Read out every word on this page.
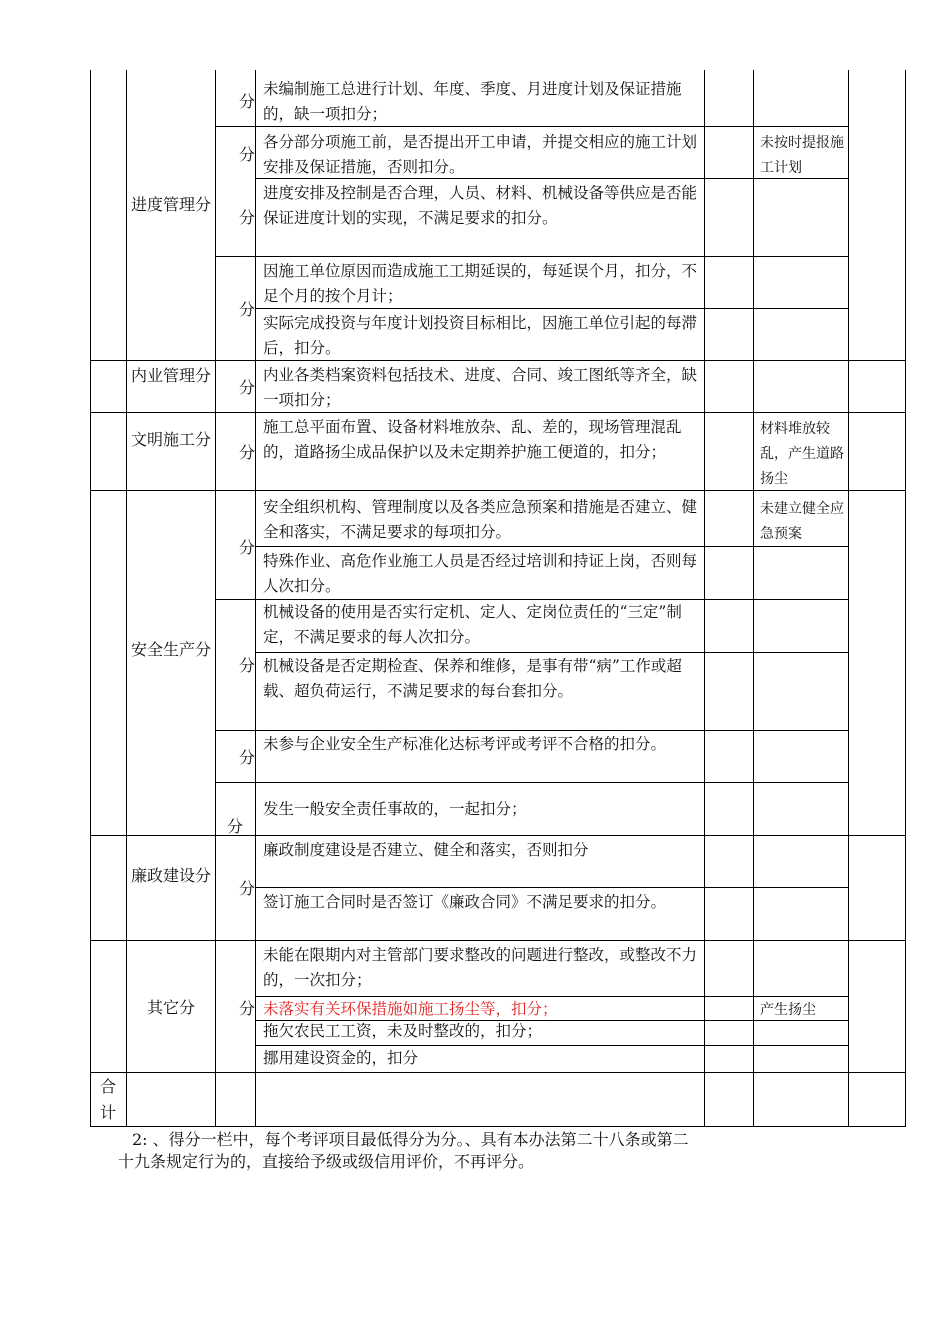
进度管理分
分
分
分
分

未编制施工总进行计划、年度、季度、月进度计划及保证措施的，缺一项扣分；

各分部分项施工前，是否提出开工申请，并提交相应的施工计划安排及保证措施，否则扣分。

进度安排及控制是否合理，人员、材料、机械设备等供应是否能保证进度计划的实现，不满足要求的扣分。

因施工单位原因而造成施工工期延误的，每延误个月，扣分，不足个月的按个月计；

实际完成投资与年度计划投资目标相比，因施工单位引起的每滞后，扣分。

未按时提报施工计划
内业管理分
分

内业各类档案资料包括技术、进度、合同、竣工图纸等齐全，缺一项扣分；

文明施工分
分

施工总平面布置、设备材料堆放杂、乱、差的，现场管理混乱的，道路扬尘成品保护以及未定期养护施工便道的，扣分；

材料堆放较乱，产生道路扬尘
安全生产分
分
分
分
分

安全组织机构、管理制度以及各类应急预案和措施是否建立、健全和落实，不满足要求的每项扣分。

特殊作业、高危作业施工人员是否经过培训和持证上岗，否则每人次扣分。

机械设备的使用是否实行定机、定人、定岗位责任的“三定”制定，不满足要求的每人次扣分。

机械设备是否定期检查、保养和维修，是事有带“病”工作或超载、超负荷运行，不满足要求的每台套扣分。

未参与企业安全生产标准化达标考评或考评不合格的扣分。

发生一般安全责任事故的，一起扣分；

未建立健全应急预案
廉政建设分
分

廉政制度建设是否建立、健全和落实，否则扣分

签订施工合同时是否签订《廉政合同》不满足要求的扣分。

其它分	分

未能在限期内对主管部门要求整改的问题进行整改，或整改不力的，一次扣分；

未落实有关环保措施如施工扬尘等，扣分；

拖欠农民工工资，未及时整改的，扣分；

挪用建设资金的，扣分

产生扬尘
合计
2: 、得分一栏中，每个考评项目最低得分为分。、具有本办法第二十八条或第二
十九条规定行为的，直接给予级或级信用评价，不再评分。
